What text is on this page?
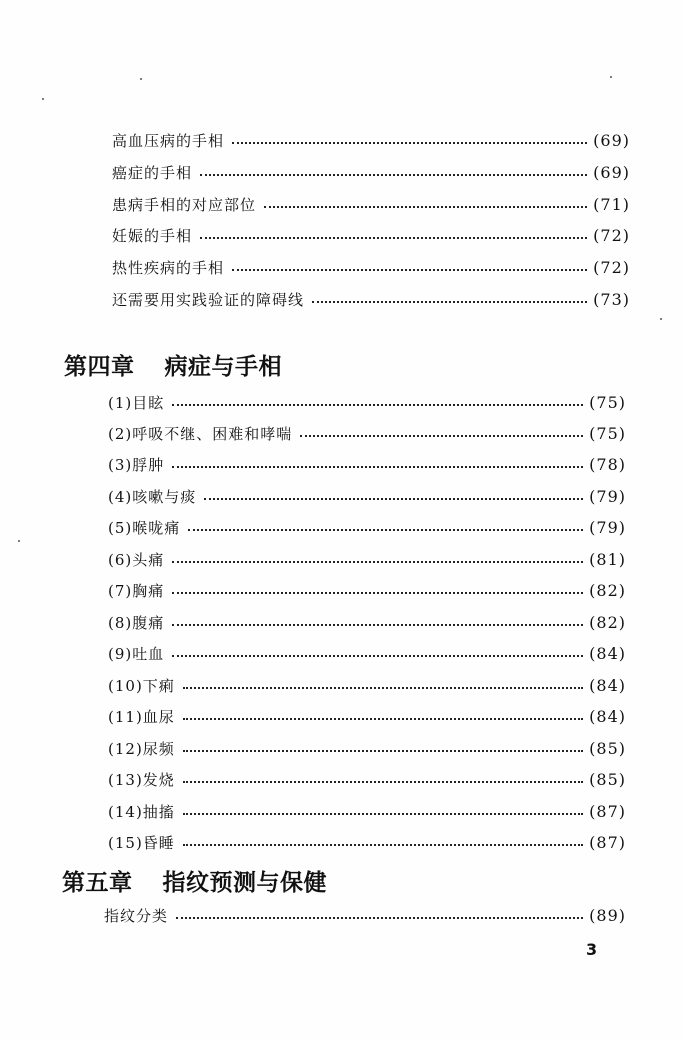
高血压病的手相	(69)
癌症的手相	(69)
患病手相的对应部位	(71)
妊娠的手相	(72)
热性疾病的手相	(72)
还需要用实践验证的障碍线	(73)
第四章 病症与手相
(1)目眩	(75)
(2)呼吸不继、困难和哮喘	(75)
(3)脬肿	(78)
(4)咳嗽与痰	(79)
(5)喉咙痛	(79)
(6)头痛	(81)
(7)胸痛	(82)
(8)腹痛	(82)
(9)吐血	(84)
(10)下痢	(84)
(11)血尿	(84)
(12)尿频	(85)
(13)发烧	(85)
(14)抽搐	(87)
(15)昏睡	(87)
第五章 指纹预测与保健
指纹分类	(89)
3
